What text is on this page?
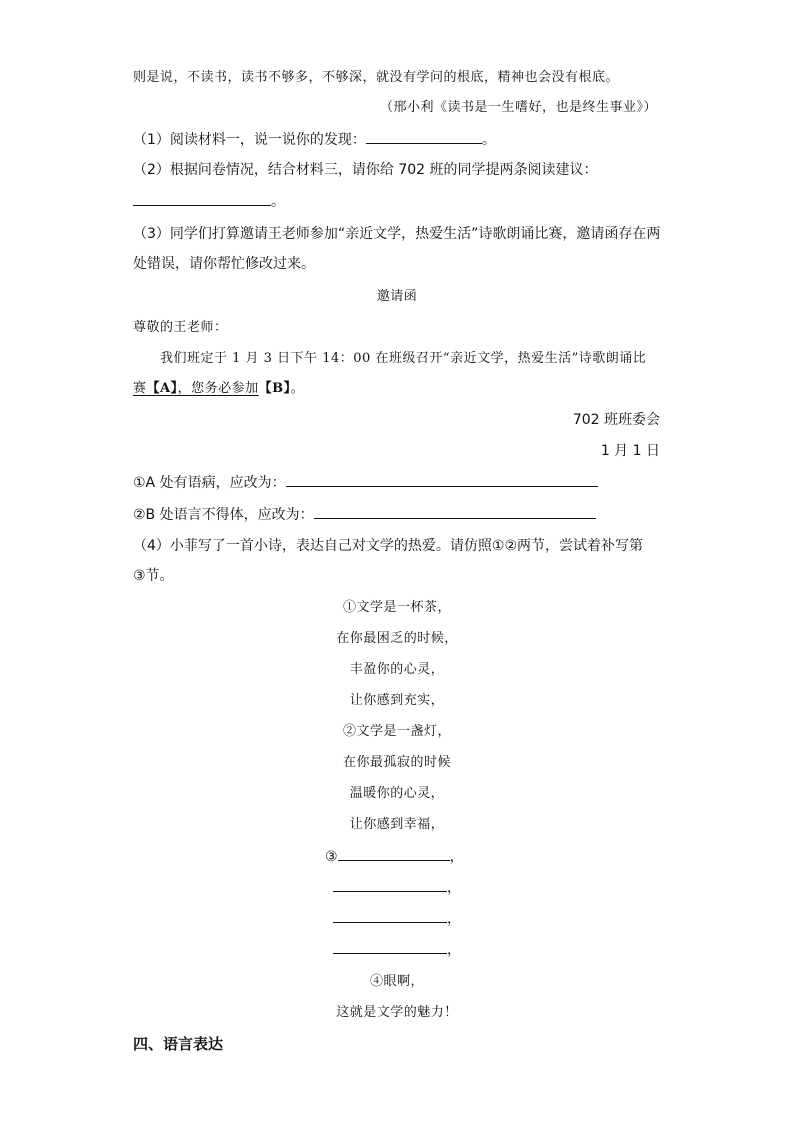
则是说，不读书，读书不够多，不够深，就没有学问的根底，精神也会没有根底。
（邢小利《读书是一生嗜好，也是终生事业》）
（1）阅读材料一，说一说你的发现：	。
（2）根据问卷情况，结合材料三，请你给 702 班的同学提两条阅读建议：
。
（3）同学们打算邀请王老师参加“亲近文学，热爱生活”诗歌朗诵比赛，邀请函存在两
处错误，请你帮忙修改过来。
邀请函
尊敬的王老师：
我们班定于 1 月 3 日下午 14：00 在班级召开“亲近文学，热爱生活”诗歌朗诵比
赛【A】，您务必参加【B】。
702 班班委会
1 月 1 日
①A 处有语病，应改为：
②B 处语言不得体，应改为：
（4）小菲写了一首小诗，表达自己对文学的热爱。请仿照①②两节，尝试着补写第
③节。
①文学是一杯茶，
在你最困乏的时候，
丰盈你的心灵，
让你感到充实，
②文学是一盏灯，
在你最孤寂的时候
温暖你的心灵，
让你感到幸福，
③	，
，
，
，
④眼啊，
这就是文学的魅力！
四、语言表达
